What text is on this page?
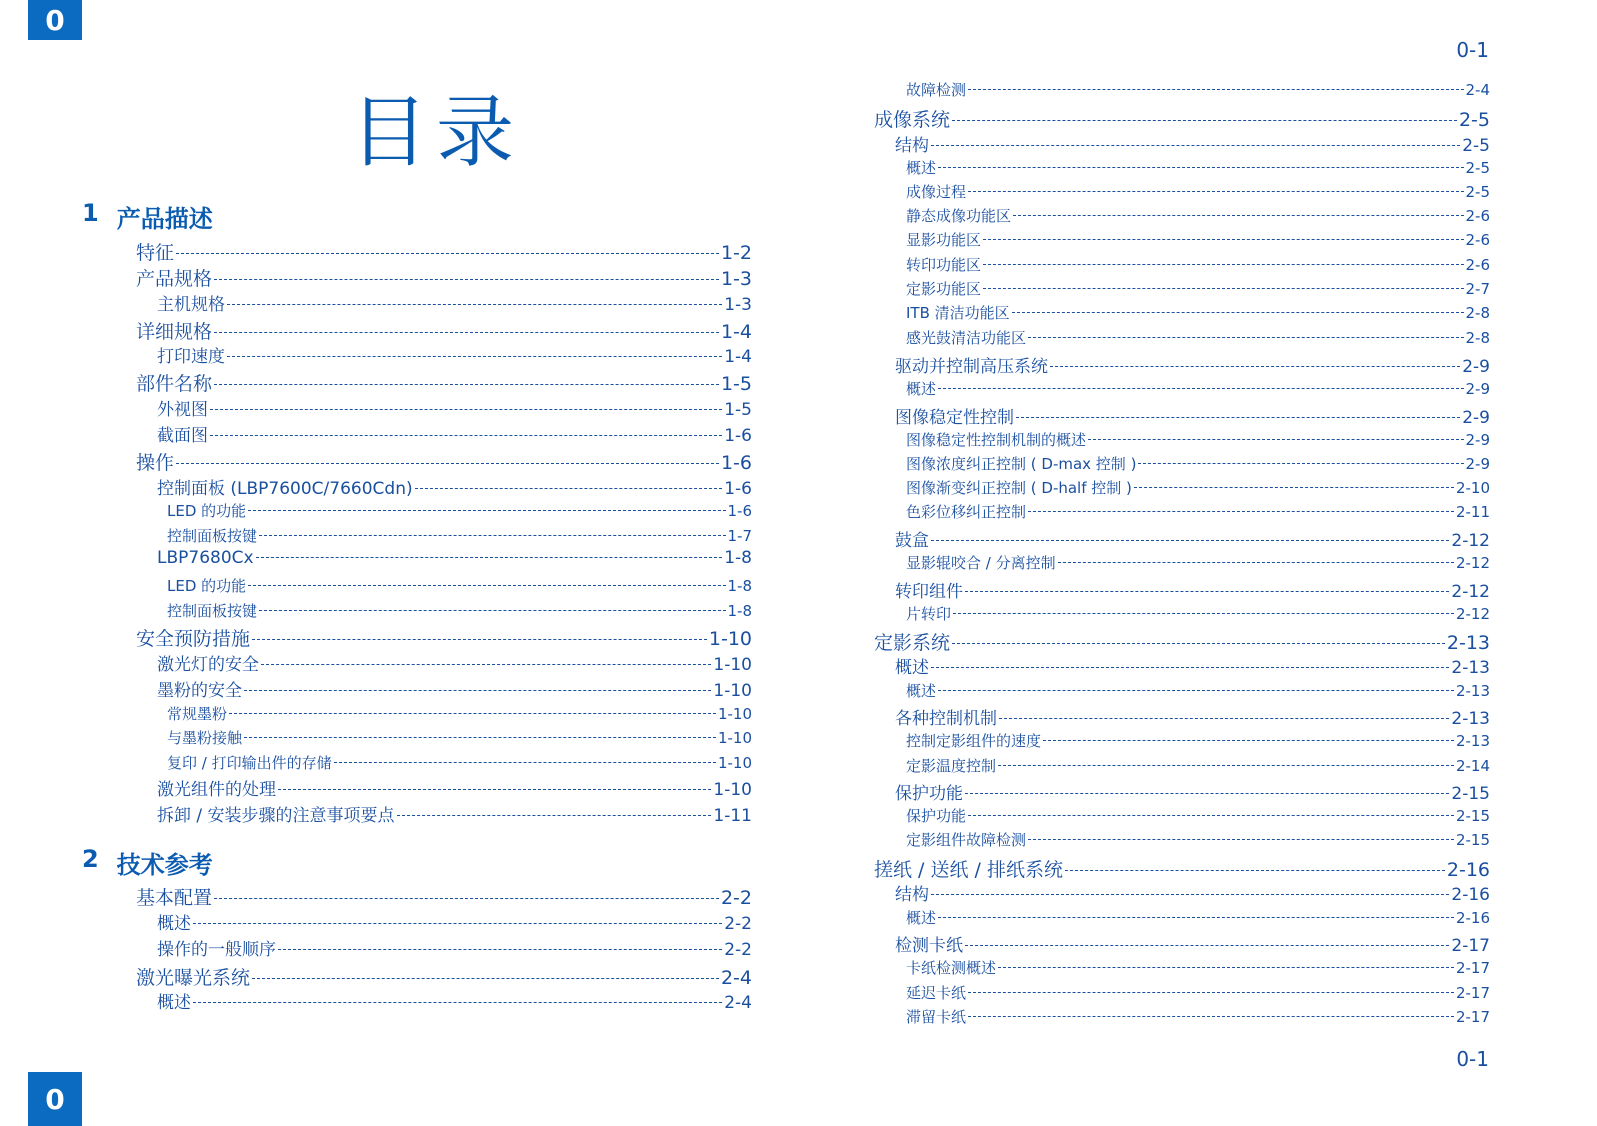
0
0
0-1
0-1
目录
1 产品描述
2 技术参考
特征	1-2
产品规格	1-3
主机规格	1-3
详细规格	1-4
打印速度	1-4
部件名称	1-5
外视图	1-5
截面图	1-6
操作	1-6
控制面板 (LBP7600C/7660Cdn)	1-6
LED 的功能	1-6
控制面板按键	1-7
LBP7680Cx	1-8
LED 的功能	1-8
控制面板按键	1-8
安全预防措施	1-10
激光灯的安全	1-10
墨粉的安全	1-10
常规墨粉	1-10
与墨粉接触	1-10
复印 / 打印输出件的存储	1-10
激光组件的处理	1-10
拆卸 / 安装步骤的注意事项要点	1-11
基本配置	2-2
概述	2-2
操作的一般顺序	2-2
激光曝光系统	2-4
概述	2-4
故障检测	2-4
成像系统	2-5
结构	2-5
概述	2-5
成像过程	2-5
静态成像功能区	2-6
显影功能区	2-6
转印功能区	2-6
定影功能区	2-7
ITB 清洁功能区	2-8
感光鼓清洁功能区	2-8
驱动并控制高压系统	2-9
概述	2-9
图像稳定性控制	2-9
图像稳定性控制机制的概述	2-9
图像浓度纠正控制 ( D-max 控制 )	2-9
图像渐变纠正控制 ( D-half 控制 )	2-10
色彩位移纠正控制	2-11
鼓盒	2-12
显影辊咬合 / 分离控制	2-12
转印组件	2-12
片转印	2-12
定影系统	2-13
概述	2-13
概述	2-13
各种控制机制	2-13
控制定影组件的速度	2-13
定影温度控制	2-14
保护功能	2-15
保护功能	2-15
定影组件故障检测	2-15
搓纸 / 送纸 / 排纸系统	2-16
结构	2-16
概述	2-16
检测卡纸	2-17
卡纸检测概述	2-17
延迟卡纸	2-17
滞留卡纸	2-17
